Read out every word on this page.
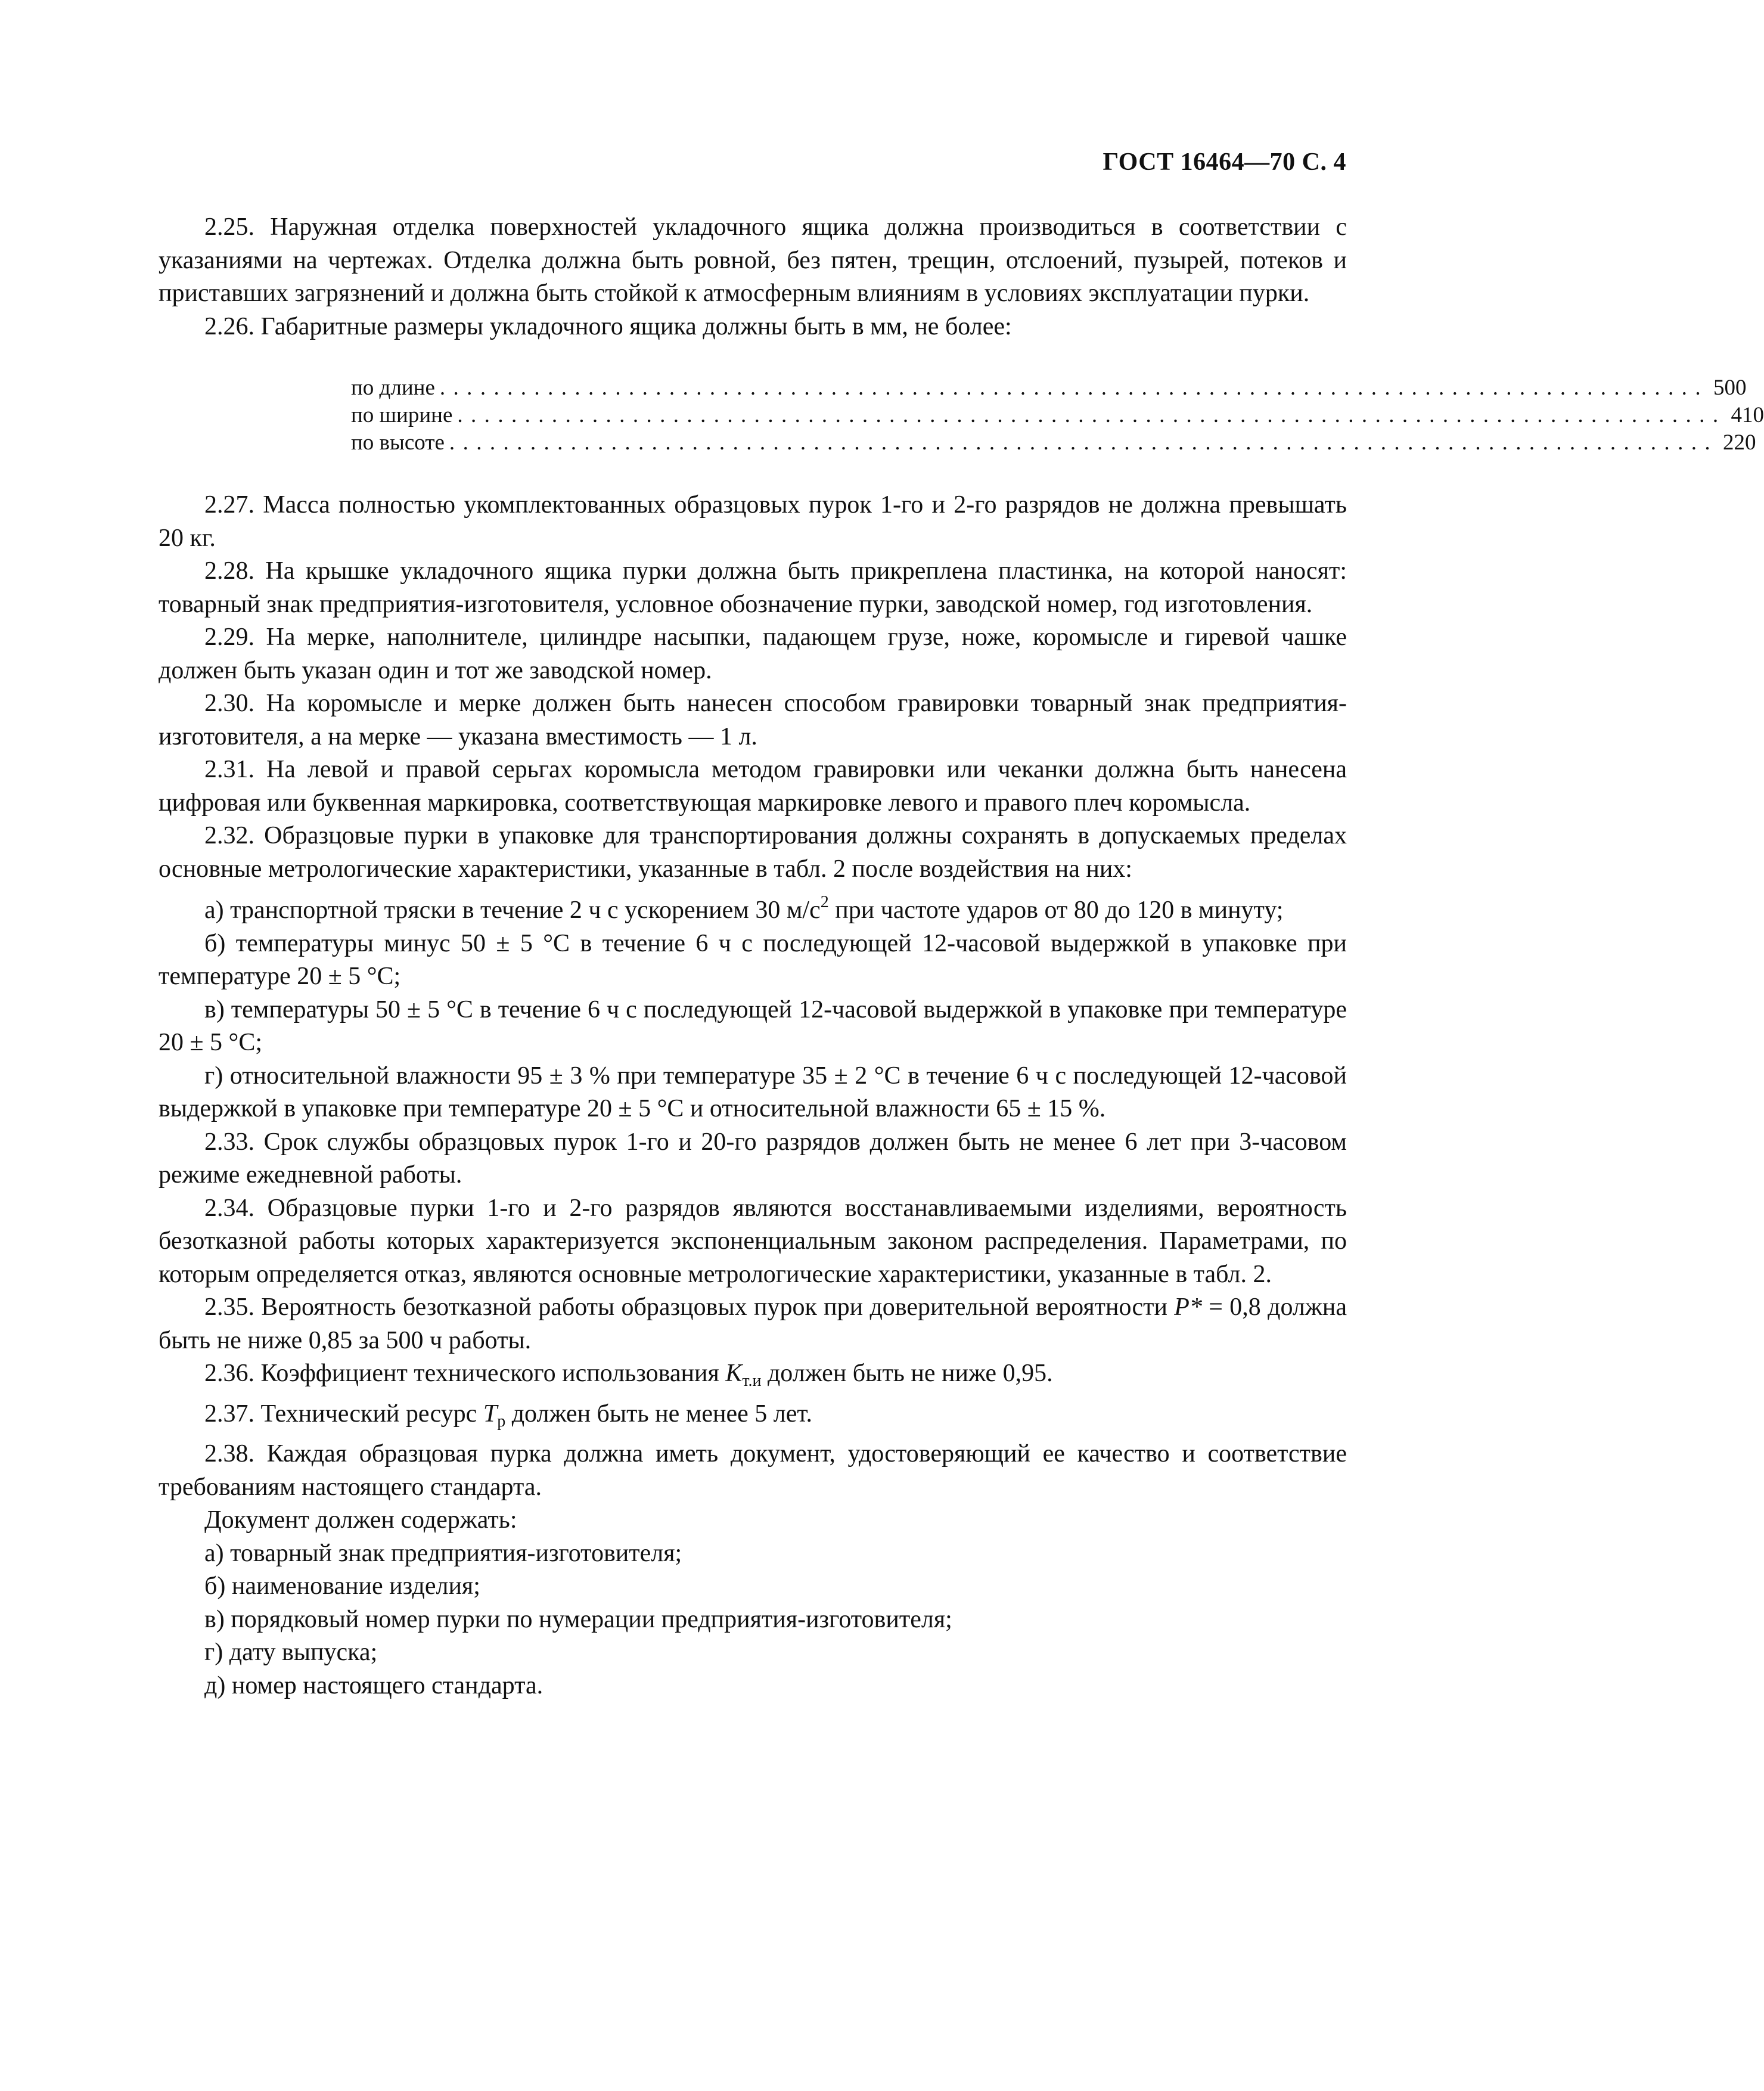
ГОСТ 16464—70 С. 4

2.25. Наружная отделка поверхностей укладочного ящика должна производиться в соответствии с указаниями на чертежах. Отделка должна быть ровной, без пятен, трещин, отслоений, пузырей, потеков и приставших загрязнений и должна быть стойкой к атмосферным влияниям в условиях эксплуатации пурки.

2.26. Габаритные размеры укладочного ящика должны быть в мм, не более:

по длине .............................................................................................. 500
по ширине .............................................................................................. 410
по высоте .............................................................................................. 220

2.27. Масса полностью укомплектованных образцовых пурок 1-го и 2-го разрядов не должна превышать 20 кг.

2.28. На крышке укладочного ящика пурки должна быть прикреплена пластинка, на которой наносят: товарный знак предприятия-изготовителя, условное обозначение пурки, заводской номер, год изготовления.

2.29. На мерке, наполнителе, цилиндре насыпки, падающем грузе, ноже, коромысле и гиревой чашке должен быть указан один и тот же заводской номер.

2.30. На коромысле и мерке должен быть нанесен способом гравировки товарный знак предприятия-изготовителя, а на мерке — указана вместимость — 1 л.

2.31. На левой и правой серьгах коромысла методом гравировки или чеканки должна быть нанесена цифровая или буквенная маркировка, соответствующая маркировке левого и правого плеч коромысла.

2.32. Образцовые пурки в упаковке для транспортирования должны сохранять в допускаемых пределах основные метрологические характеристики, указанные в табл. 2 после воздействия на них:

а) транспортной тряски в течение 2 ч с ускорением 30 $м/с^2$ при частоте ударов от 80 до 120 в минуту;

б) температуры минус 50 ± 5 °С в течение 6 ч с последующей 12-часовой выдержкой в упаковке при температуре 20 ± 5 °С;

в) температуры 50 ± 5 °С в течение 6 ч с последующей 12-часовой выдержкой в упаковке при температуре 20 ± 5 °С;

г) относительной влажности 95 ± 3 % при температуре 35 ± 2 °С в течение 6 ч с последующей 12-часовой выдержкой в упаковке при температуре 20 ± 5 °С и относительной влажности 65 ± 15 %.

2.33. Срок службы образцовых пурок 1-го и 20-го разрядов должен быть не менее 6 лет при 3-часовом режиме ежедневной работы.

2.34. Образцовые пурки 1-го и 2-го разрядов являются восстанавливаемыми изделиями, вероятность безотказной работы которых характеризуется экспоненциальным законом распределения. Параметрами, по которым определяется отказ, являются основные метрологические характеристики, указанные в табл. 2.

2.35. Вероятность безотказной работы образцовых пурок при доверительной вероятности P* = 0,8 должна быть не ниже 0,85 за 500 ч работы.

2.36. Коэффициент технического использования $K_{т.и}$ должен быть не ниже 0,95.

2.37. Технический ресурс $T_р$ должен быть не менее 5 лет.

2.38. Каждая образцовая пурка должна иметь документ, удостоверяющий ее качество и соответствие требованиям настоящего стандарта.

Документ должен содержать:

а) товарный знак предприятия-изготовителя;

б) наименование изделия;

в) порядковый номер пурки по нумерации предприятия-изготовителя;

г) дату выпуска;

д) номер настоящего стандарта.
